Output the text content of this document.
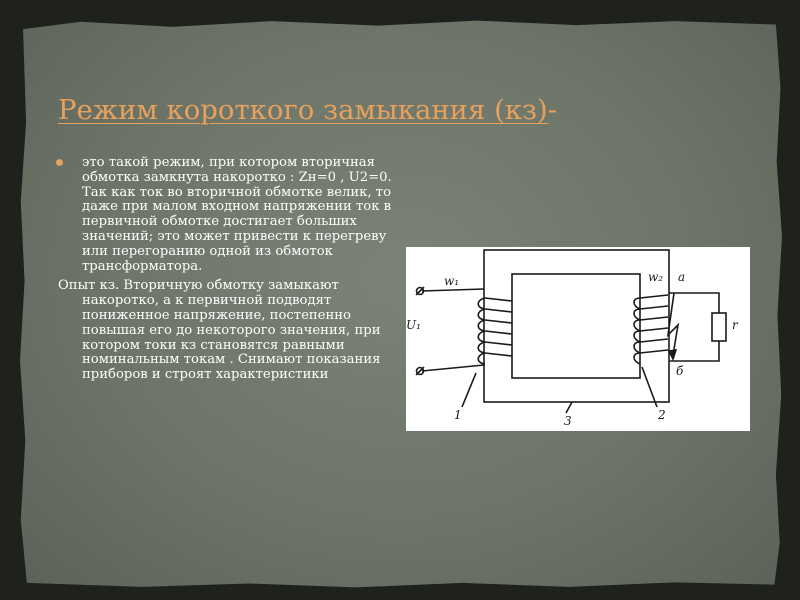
Режим короткого замыкания (кз)-

это такой режим, при котором вторичная обмотка замкнута накоротко : Zн=0 , U2=0. Так как ток во вторичной обмотке велик, то даже при малом входном напряжении ток в первичной обмотке достигает больших значений; это может привести к перегреву или перегоранию одной из обмоток трансформатора.

Опыт кз. Вторичную обмотку замыкают
накоротко, а к первичной подводят пониженное напряжение, постепенно повышая его до некоторого значения, при котором токи кз становятся равными номинальным токам . Снимают показания приборов и строят характеристики

w₁	w₂
U₁
а
б
r
1	2
3
